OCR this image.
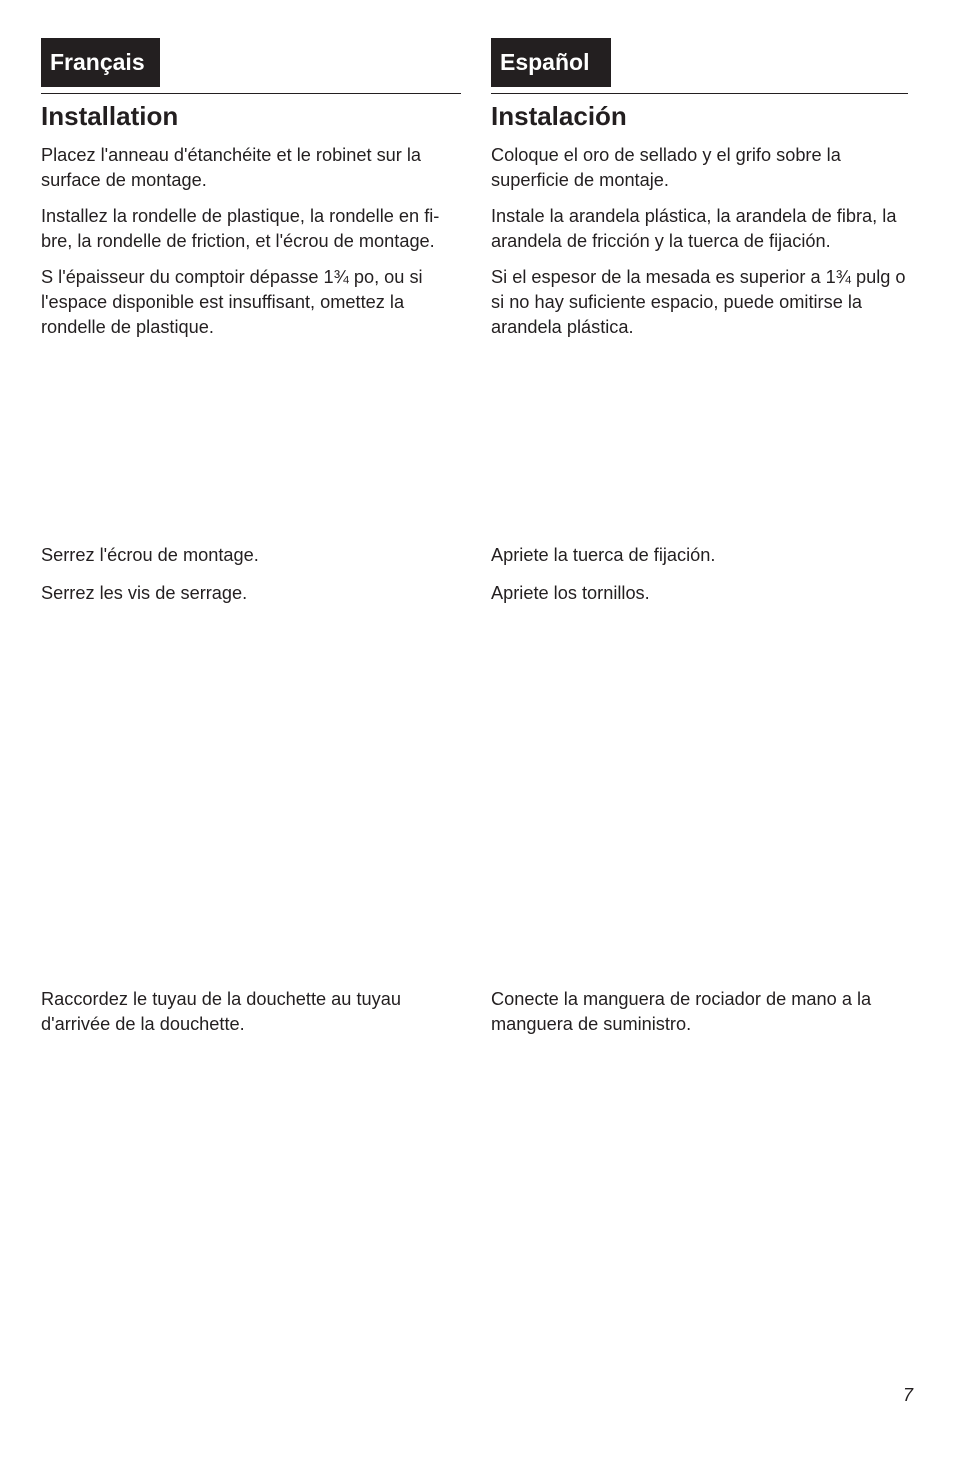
Français	Español
Installation	Instalación

Placez l'anneau d'étanchéite et le robinet sur la surface de montage.

Installez la rondelle de plastique, la rondelle en fi-bre, la rondelle de friction, et l'écrou de montage.

S l'épaisseur du comptoir dépasse 1¾ po, ou si l'espace disponible est insuffisant, omettez la rondelle de plastique.

Coloque el oro de sellado y el grifo sobre la superficie de montaje.

Instale la arandela plástica, la arandela de fibra, la arandela de fricción y la tuerca de fijación.

Si el espesor de la mesada es superior a 1¾ pulg o si no hay suficiente espacio, puede omitirse la arandela plástica.

Serrez l'écrou de montage.

Serrez les vis de serrage.

Apriete la tuerca de fijación.

Apriete los tornillos.

Raccordez le tuyau de la douchette au tuyau d'arrivée de la douchette.

Conecte la manguera de rociador de mano a la manguera de suministro.

7
